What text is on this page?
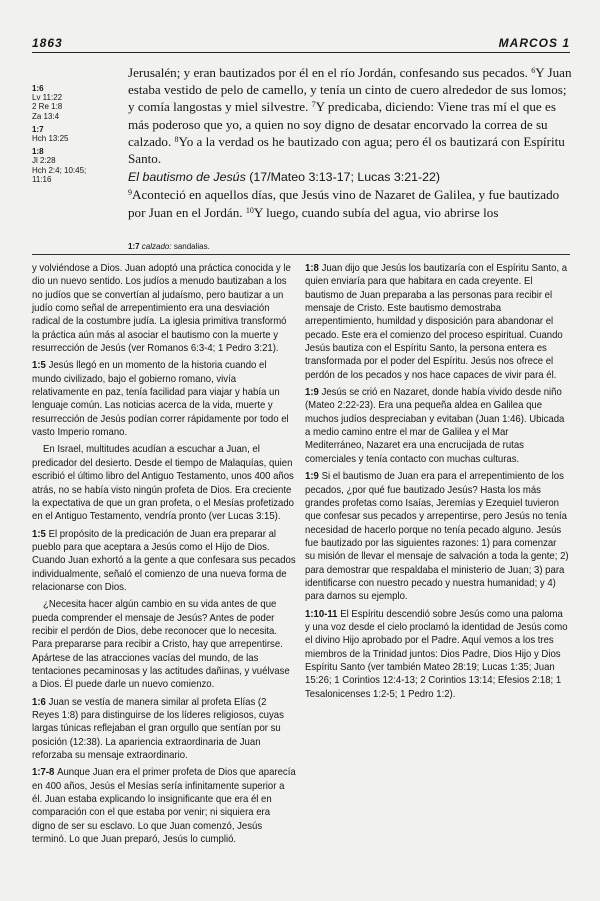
1863	MARCOS 1
1:6
Lv 11:22
2 Re 1:8
Za 13:4
1:7
Hch 13:25
1:8
Jl 2:28
Hch 2:4; 10:45;
11:16

Jerusalén; y eran bautizados por él en el río Jordán, confesando sus pecados. $^6$Y Juan estaba vestido de pelo de camello, y tenía un cinto de cuero alrededor de sus lomos; y comía langostas y miel silvestre. $^7$Y predicaba, diciendo: Viene tras mí el que es más poderoso que yo, a quien no soy digno de desatar encorvado la correa de su calzado. $^8$Yo a la verdad os he bautizado con agua; pero él os bautizará con Espíritu Santo.

El bautismo de Jesús (17/Mateo 3:13-17; Lucas 3:21-22)

$^9$Aconteció en aquellos días, que Jesús vino de Nazaret de Galilea, y fue bautizado por Juan en el Jordán. $^{10}$Y luego, cuando subía del agua, vio abrirse los

1:7 calzado: sandalias.

y volviéndose a Dios. Juan adoptó una práctica conocida y le dio un nuevo sentido. Los judíos a menudo bautizaban a los no judíos que se convertían al judaísmo, pero bautizar a un judío como señal de arrepentimiento era una desviación radical de la costumbre judía. La iglesia primitiva transformó la práctica aún más al asociar el bautismo con la muerte y resurrección de Jesús (ver Romanos 6:3-4; 1 Pedro 3:21).

1:5 Jesús llegó en un momento de la historia cuando el mundo civilizado, bajo el gobierno romano, vivía relativamente en paz, tenía facilidad para viajar y había un lenguaje común. Las noticias acerca de la vida, muerte y resurrección de Jesús podían correr rápidamente por todo el vasto Imperio romano.

En Israel, multitudes acudían a escuchar a Juan, el predicador del desierto. Desde el tiempo de Malaquías, quien escribió el último libro del Antiguo Testamento, unos 400 años atrás, no se había visto ningún profeta de Dios. Era creciente la expectativa de que un gran profeta, o el Mesías profetizado en el Antiguo Testamento, vendría pronto (ver Lucas 3:15).

1:5 El propósito de la predicación de Juan era preparar al pueblo para que aceptara a Jesús como el Hijo de Dios. Cuando Juan exhortó a la gente a que confesara sus pecados individualmente, señaló el comienzo de una nueva forma de relacionarse con Dios.

¿Necesita hacer algún cambio en su vida antes de que pueda comprender el mensaje de Jesús? Antes de poder recibir el perdón de Dios, debe reconocer que lo necesita. Para prepararse para recibir a Cristo, hay que arrepentirse. Apártese de las atracciones vacías del mundo, de las tentaciones pecaminosas y las actitudes dañinas, y vuélvase a Dios. Él puede darle un nuevo comienzo.

1:6 Juan se vestía de manera similar al profeta Elías (2 Reyes 1:8) para distinguirse de los líderes religiosos, cuyas largas túnicas reflejaban el gran orgullo que sentían por su posición (12:38). La apariencia extraordinaria de Juan reforzaba su mensaje extraordinario.

1:7-8 Aunque Juan era el primer profeta de Dios que aparecía en 400 años, Jesús el Mesías sería infinitamente superior a él. Juan estaba explicando lo insignificante que era él en comparación con el que estaba por venir; ni siquiera era digno de ser su esclavo. Lo que Juan comenzó, Jesús terminó. Lo que Juan preparó, Jesús lo cumplió.

1:8 Juan dijo que Jesús los bautizaría con el Espíritu Santo, a quien enviaría para que habitara en cada creyente. El bautismo de Juan preparaba a las personas para recibir el mensaje de Cristo. Este bautismo demostraba arrepentimiento, humildad y disposición para abandonar el pecado. Este era el comienzo del proceso espiritual. Cuando Jesús bautiza con el Espíritu Santo, la persona entera es transformada por el poder del Espíritu. Jesús nos ofrece el perdón de los pecados y nos hace capaces de vivir para él.

1:9 Jesús se crió en Nazaret, donde había vivido desde niño (Mateo 2:22-23). Era una pequeña aldea en Galilea que muchos judíos despreciaban y evitaban (Juan 1:46). Ubicada a medio camino entre el mar de Galilea y el Mar Mediterráneo, Nazaret era una encrucijada de rutas comerciales y tenía contacto con muchas culturas.

1:9 Si el bautismo de Juan era para el arrepentimiento de los pecados, ¿por qué fue bautizado Jesús? Hasta los más grandes profetas como Isaías, Jeremías y Ezequiel tuvieron que confesar sus pecados y arrepentirse, pero Jesús no tenía necesidad de hacerlo porque no tenía pecado alguno. Jesús fue bautizado por las siguientes razones: 1) para comenzar su misión de llevar el mensaje de salvación a toda la gente; 2) para demostrar que respaldaba el ministerio de Juan; 3) para identificarse con nuestro pecado y nuestra humanidad; y 4) para darnos su ejemplo.

1:10-11 El Espíritu descendió sobre Jesús como una paloma y una voz desde el cielo proclamó la identidad de Jesús como el divino Hijo aprobado por el Padre. Aquí vemos a los tres miembros de la Trinidad juntos: Dios Padre, Dios Hijo y Dios Espíritu Santo (ver también Mateo 28:19; Lucas 1:35; Juan 15:26; 1 Corintios 12:4-13; 2 Corintios 13:14; Efesios 2:18; 1 Tesalonicenses 1:2-5; 1 Pedro 1:2).
